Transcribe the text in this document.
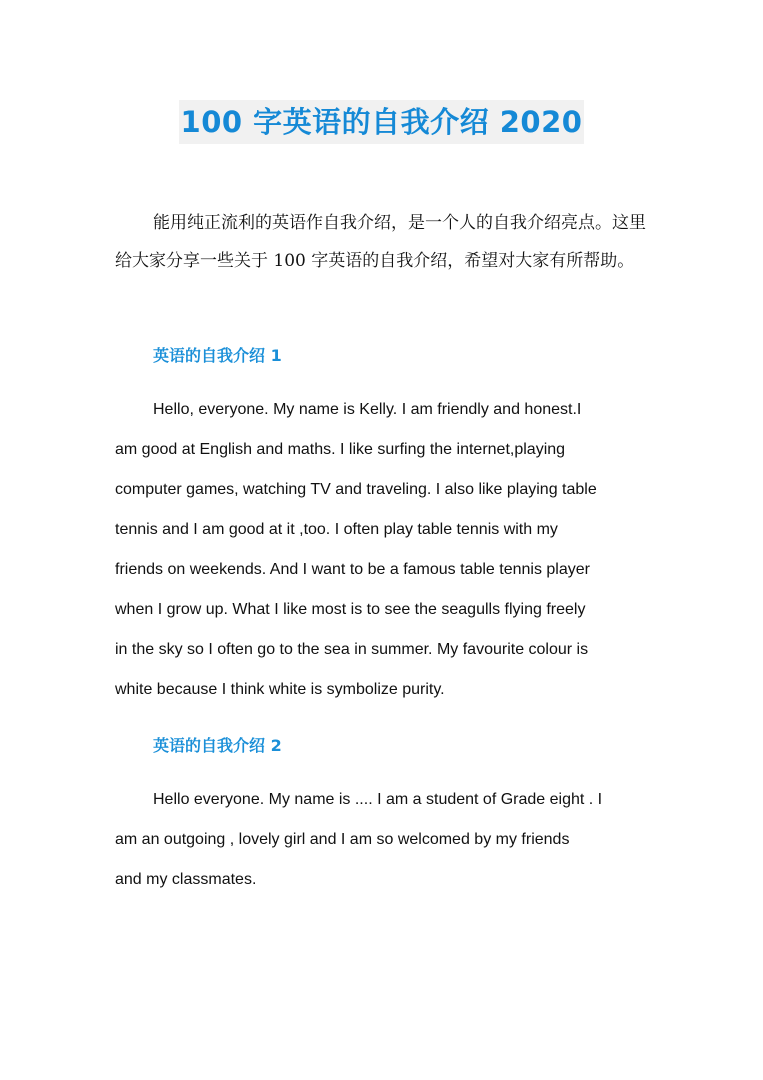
100 字英语的自我介绍 2020

能用纯正流利的英语作自我介绍，是一个人的自我介绍亮点。这里给大家分享一些关于 100 字英语的自我介绍，希望对大家有所帮助。

英语的自我介绍 1
Hello, everyone. My name is Kelly. I am friendly and honest.I
am good at English and maths. I like surfing the internet,playing
computer games, watching TV and traveling. I also like playing table
tennis and I am good at it ,too. I often play table tennis with my
friends on weekends. And I want to be a famous table tennis player
when I grow up. What I like most is to see the seagulls flying freely
in the sky so I often go to the sea in summer. My favourite colour is
white because I think white is symbolize purity.
英语的自我介绍 2
Hello everyone. My name is .... I am a student of Grade eight . I
am an outgoing , lovely girl and I am so welcomed by my friends
and my classmates.
